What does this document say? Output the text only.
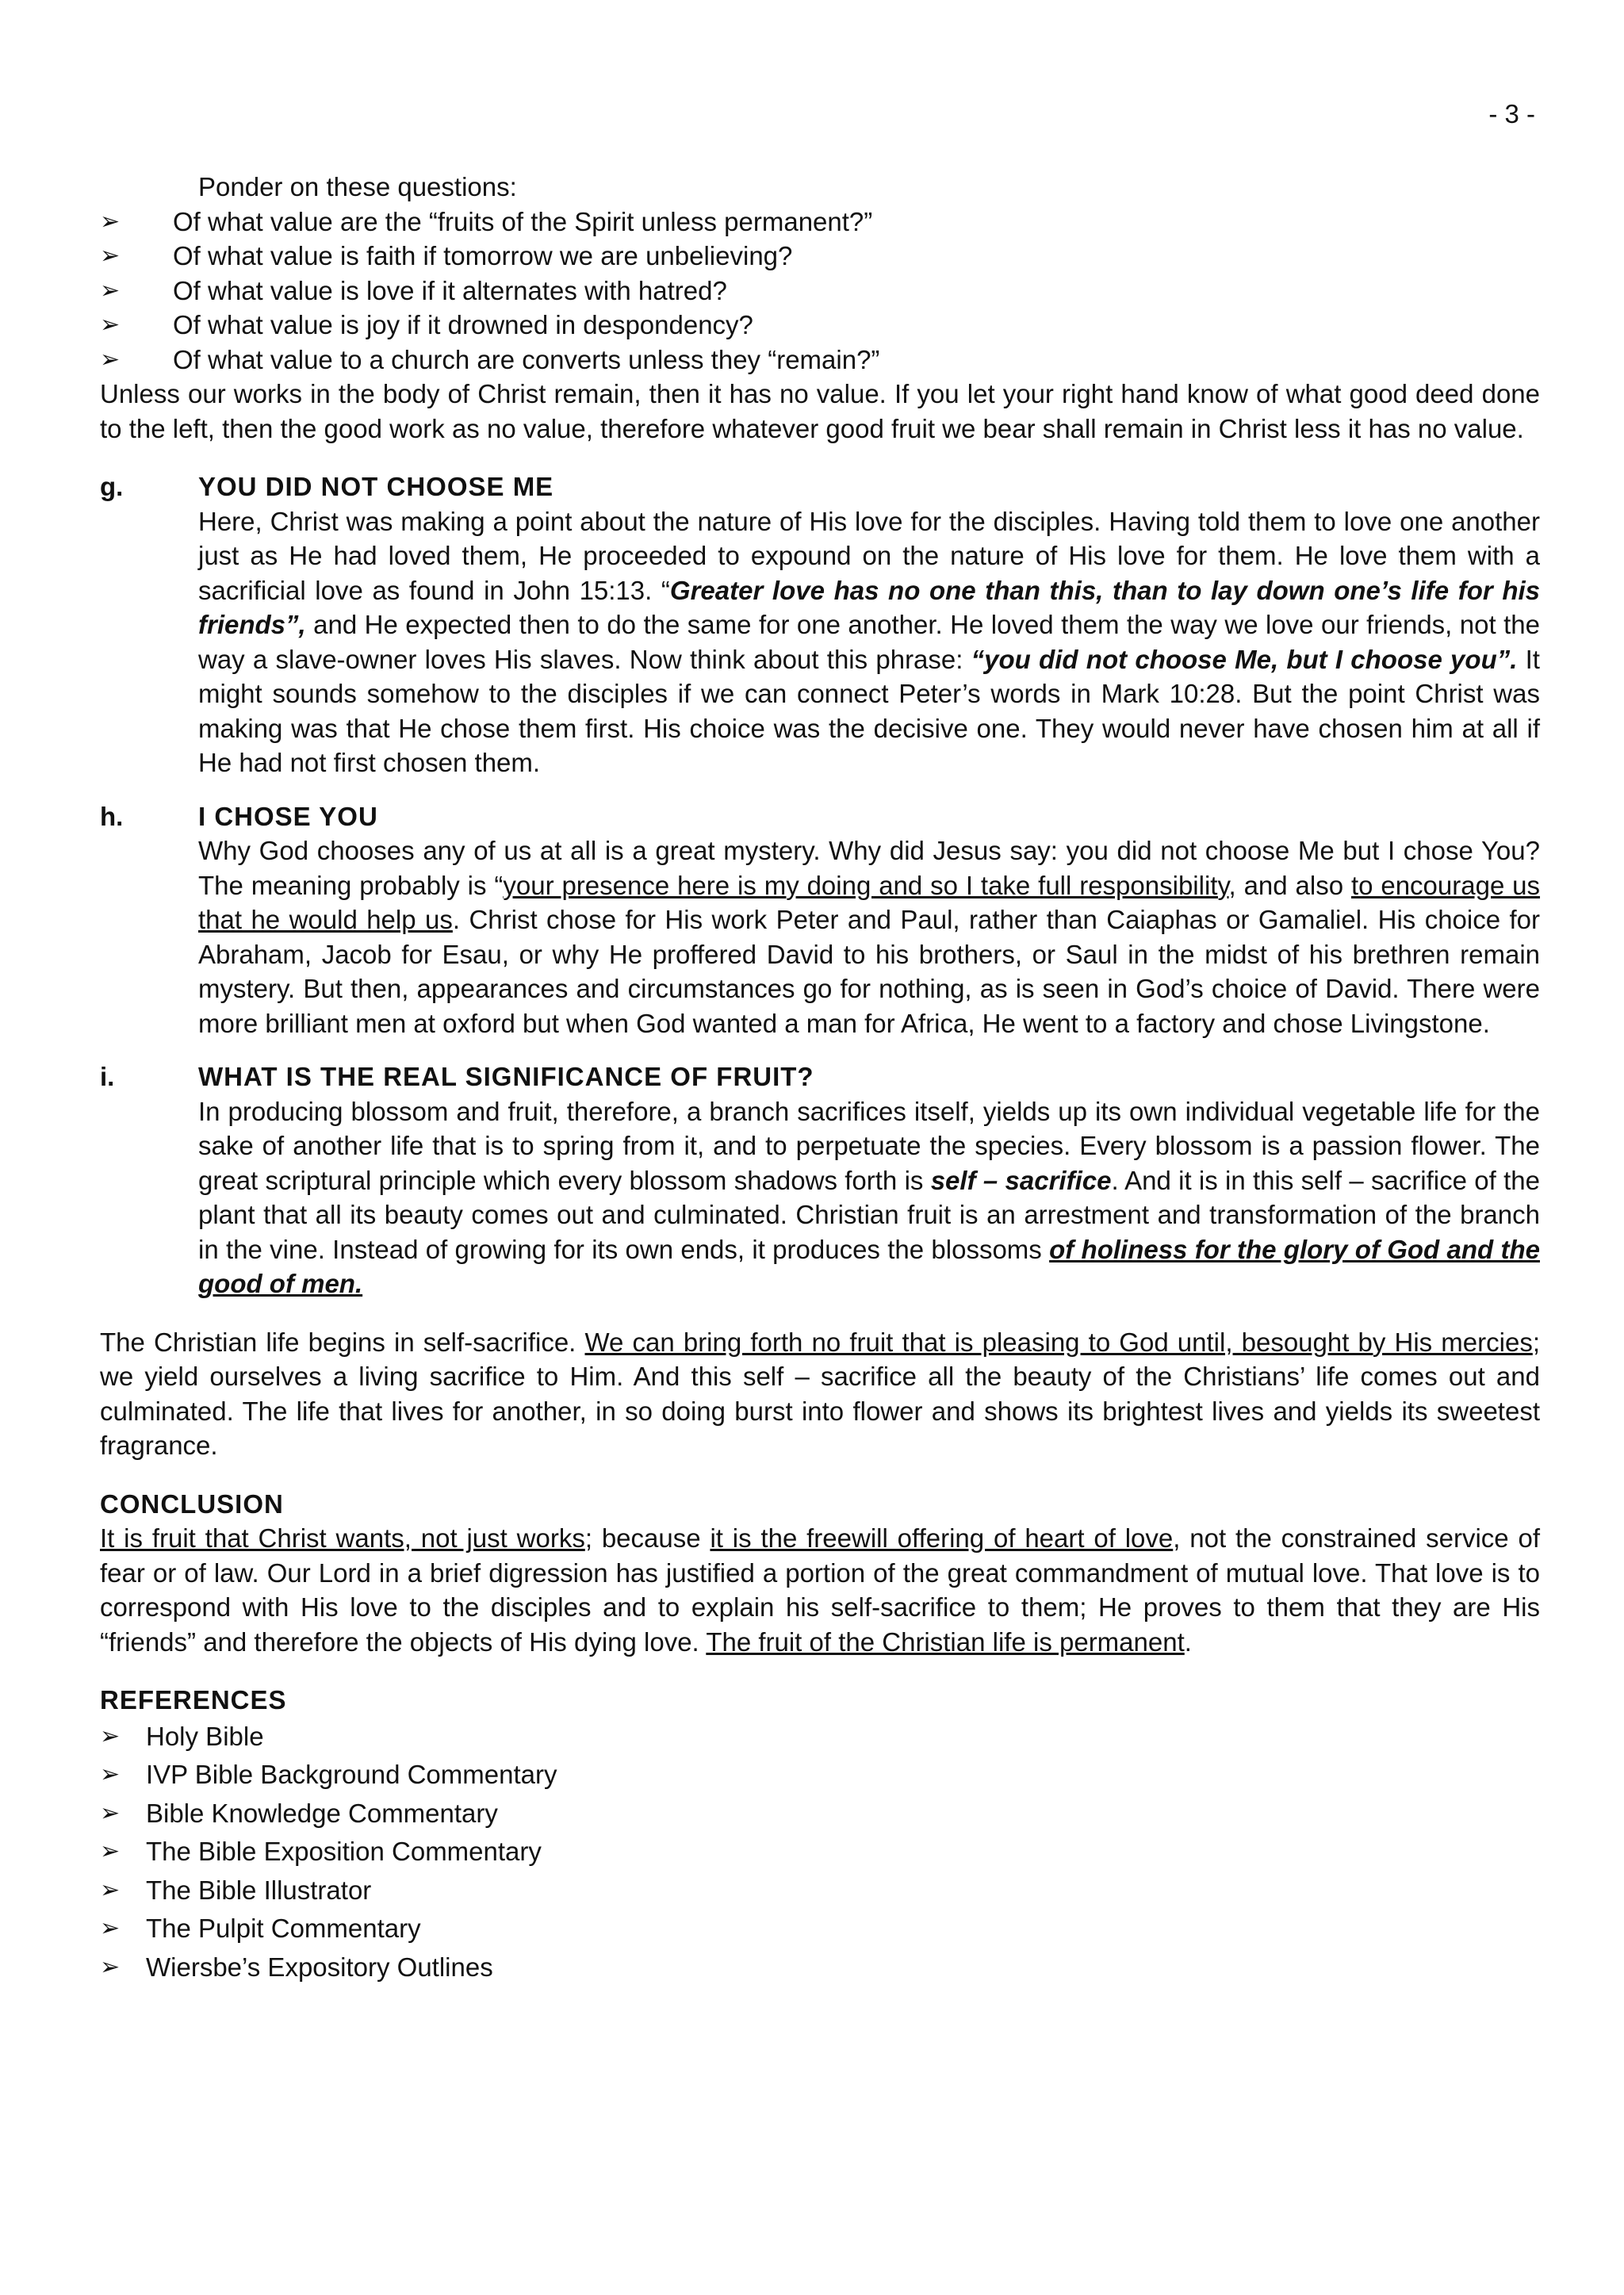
- 3 -

Ponder on these questions:

➢ Of what value are the “fruits of the Spirit unless permanent?”
➢ Of what value is faith if tomorrow we are unbelieving?
➢ Of what value is love if it alternates with hatred?
➢ Of what value is joy if it drowned in despondency?
➢ Of what value to a church are converts unless they “remain?”

Unless our works in the body of Christ remain, then it has no value. If you let your right hand know of what good deed done to the left, then the good work as no value, therefore whatever good fruit we bear shall remain in Christ less it has no value.

g.	YOU DID NOT CHOOSE ME

Here, Christ was making a point about the nature of His love for the disciples. Having told them to love one another just as He had loved them, He proceeded to expound on the nature of His love for them. He love them with a sacrificial love as found in John 15:13. “Greater love has no one than this, than to lay down one’s life for his friends”, and He expected then to do the same for one another. He loved them the way we love our friends, not the way a slave-owner loves His slaves. Now think about this phrase: “you did not choose Me, but I choose you”. It might sounds somehow to the disciples if we can connect Peter’s words in Mark 10:28. But the point Christ was making was that He chose them first. His choice was the decisive one. They would never have chosen him at all if He had not first chosen them.

h.	I CHOSE YOU

Why God chooses any of us at all is a great mystery. Why did Jesus say: you did not choose Me but I chose You? The meaning probably is “your presence here is my doing and so I take full responsibility, and also to encourage us that he would help us. Christ chose for His work Peter and Paul, rather than Caiaphas or Gamaliel. His choice for Abraham, Jacob for Esau, or why He proffered David to his brothers, or Saul in the midst of his brethren remain mystery. But then, appearances and circumstances go for nothing, as is seen in God’s choice of David. There were more brilliant men at oxford but when God wanted a man for Africa, He went to a factory and chose Livingstone.

i.	WHAT IS THE REAL SIGNIFICANCE OF FRUIT?

In producing blossom and fruit, therefore, a branch sacrifices itself, yields up its own individual vegetable life for the sake of another life that is to spring from it, and to perpetuate the species. Every blossom is a passion flower. The great scriptural principle which every blossom shadows forth is self – sacrifice. And it is in this self – sacrifice of the plant that all its beauty comes out and culminated. Christian fruit is an arrestment and transformation of the branch in the vine. Instead of growing for its own ends, it produces the blossoms of holiness for the glory of God and the good of men.

The Christian life begins in self-sacrifice. We can bring forth no fruit that is pleasing to God until, besought by His mercies; we yield ourselves a living sacrifice to Him. And this self – sacrifice all the beauty of the Christians’ life comes out and culminated. The life that lives for another, in so doing burst into flower and shows its brightest lives and yields its sweetest fragrance.

CONCLUSION

It is fruit that Christ wants, not just works; because it is the freewill offering of heart of love, not the constrained service of fear or of law. Our Lord in a brief digression has justified a portion of the great commandment of mutual love. That love is to correspond with His love to the disciples and to explain his self-sacrifice to them; He proves to them that they are His “friends” and therefore the objects of His dying love. The fruit of the Christian life is permanent.

REFERENCES
➢ Holy Bible
➢ IVP Bible Background Commentary
➢ Bible Knowledge Commentary
➢ The Bible Exposition Commentary
➢ The Bible Illustrator
➢ The Pulpit Commentary
➢ Wiersbe’s Expository Outlines
